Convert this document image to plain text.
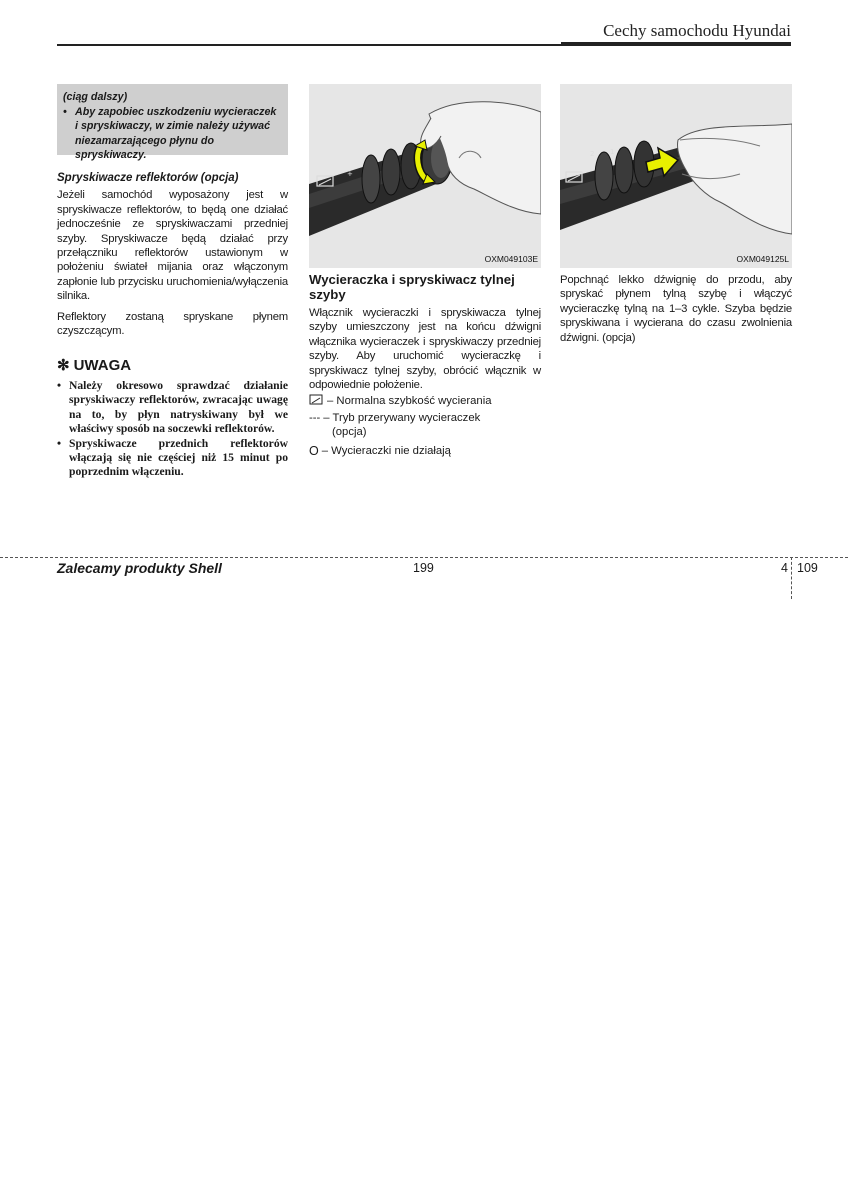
Cechy samochodu Hyundai
(ciąg dalszy)
• Aby zapobiec uszkodzeniu wycieraczek i spryskiwaczy, w zimie należy używać niezamarzającego płynu do spryskiwaczy.
Spryskiwacze reflektorów (opcja)

Jeżeli samochód wyposażony jest w spryskiwacze reflektorów, to będą one działać jednocześnie ze spryskiwaczami przedniej szyby. Spryskiwacze będą działać przy przełączniku reflektorów ustawionym w położeniu świateł mijania oraz włączonym zapłonie lub przycisku uruchomienia/wyłączenia silnika.

Reflektory zostaną spryskane płynem czyszczącym.

✻ UWAGA
• Należy okresowo sprawdzać działanie spryskiwaczy reflektorów, zwracając uwagę na to, by płyn natryskiwany był we właściwy sposób na soczewki reflektorów.
• Spryskiwacze przednich reflektorów włączają się nie częściej niż 15 minut po poprzednim włączeniu.
+
OXM049103E
Wycieraczka i spryskiwacz tylnej szyby

Włącznik wycieraczki i spryskiwacza tylnej szyby umieszczony jest na końcu dźwigni włącznika wycieraczek i spryskiwaczy przedniej szyby. Aby uruchomić wycieraczkę i spryskiwacz tylnej szyby, obrócić włącznik w odpowiednie położenie.

– Normalna szybkość wycierania
--- – Tryb przerywany wycieraczek
(opcja)
O – Wycieraczki nie działają
2 1
OXM049125L

Popchnąć lekko dźwignię do przodu, aby spryskać płynem tylną szybę i włączyć wycieraczkę tylną na 1–3 cykle. Szyba będzie spryskiwana i wycierana do czasu zwolnienia dźwigni. (opcja)

Zalecamy produkty Shell	199	4 109
